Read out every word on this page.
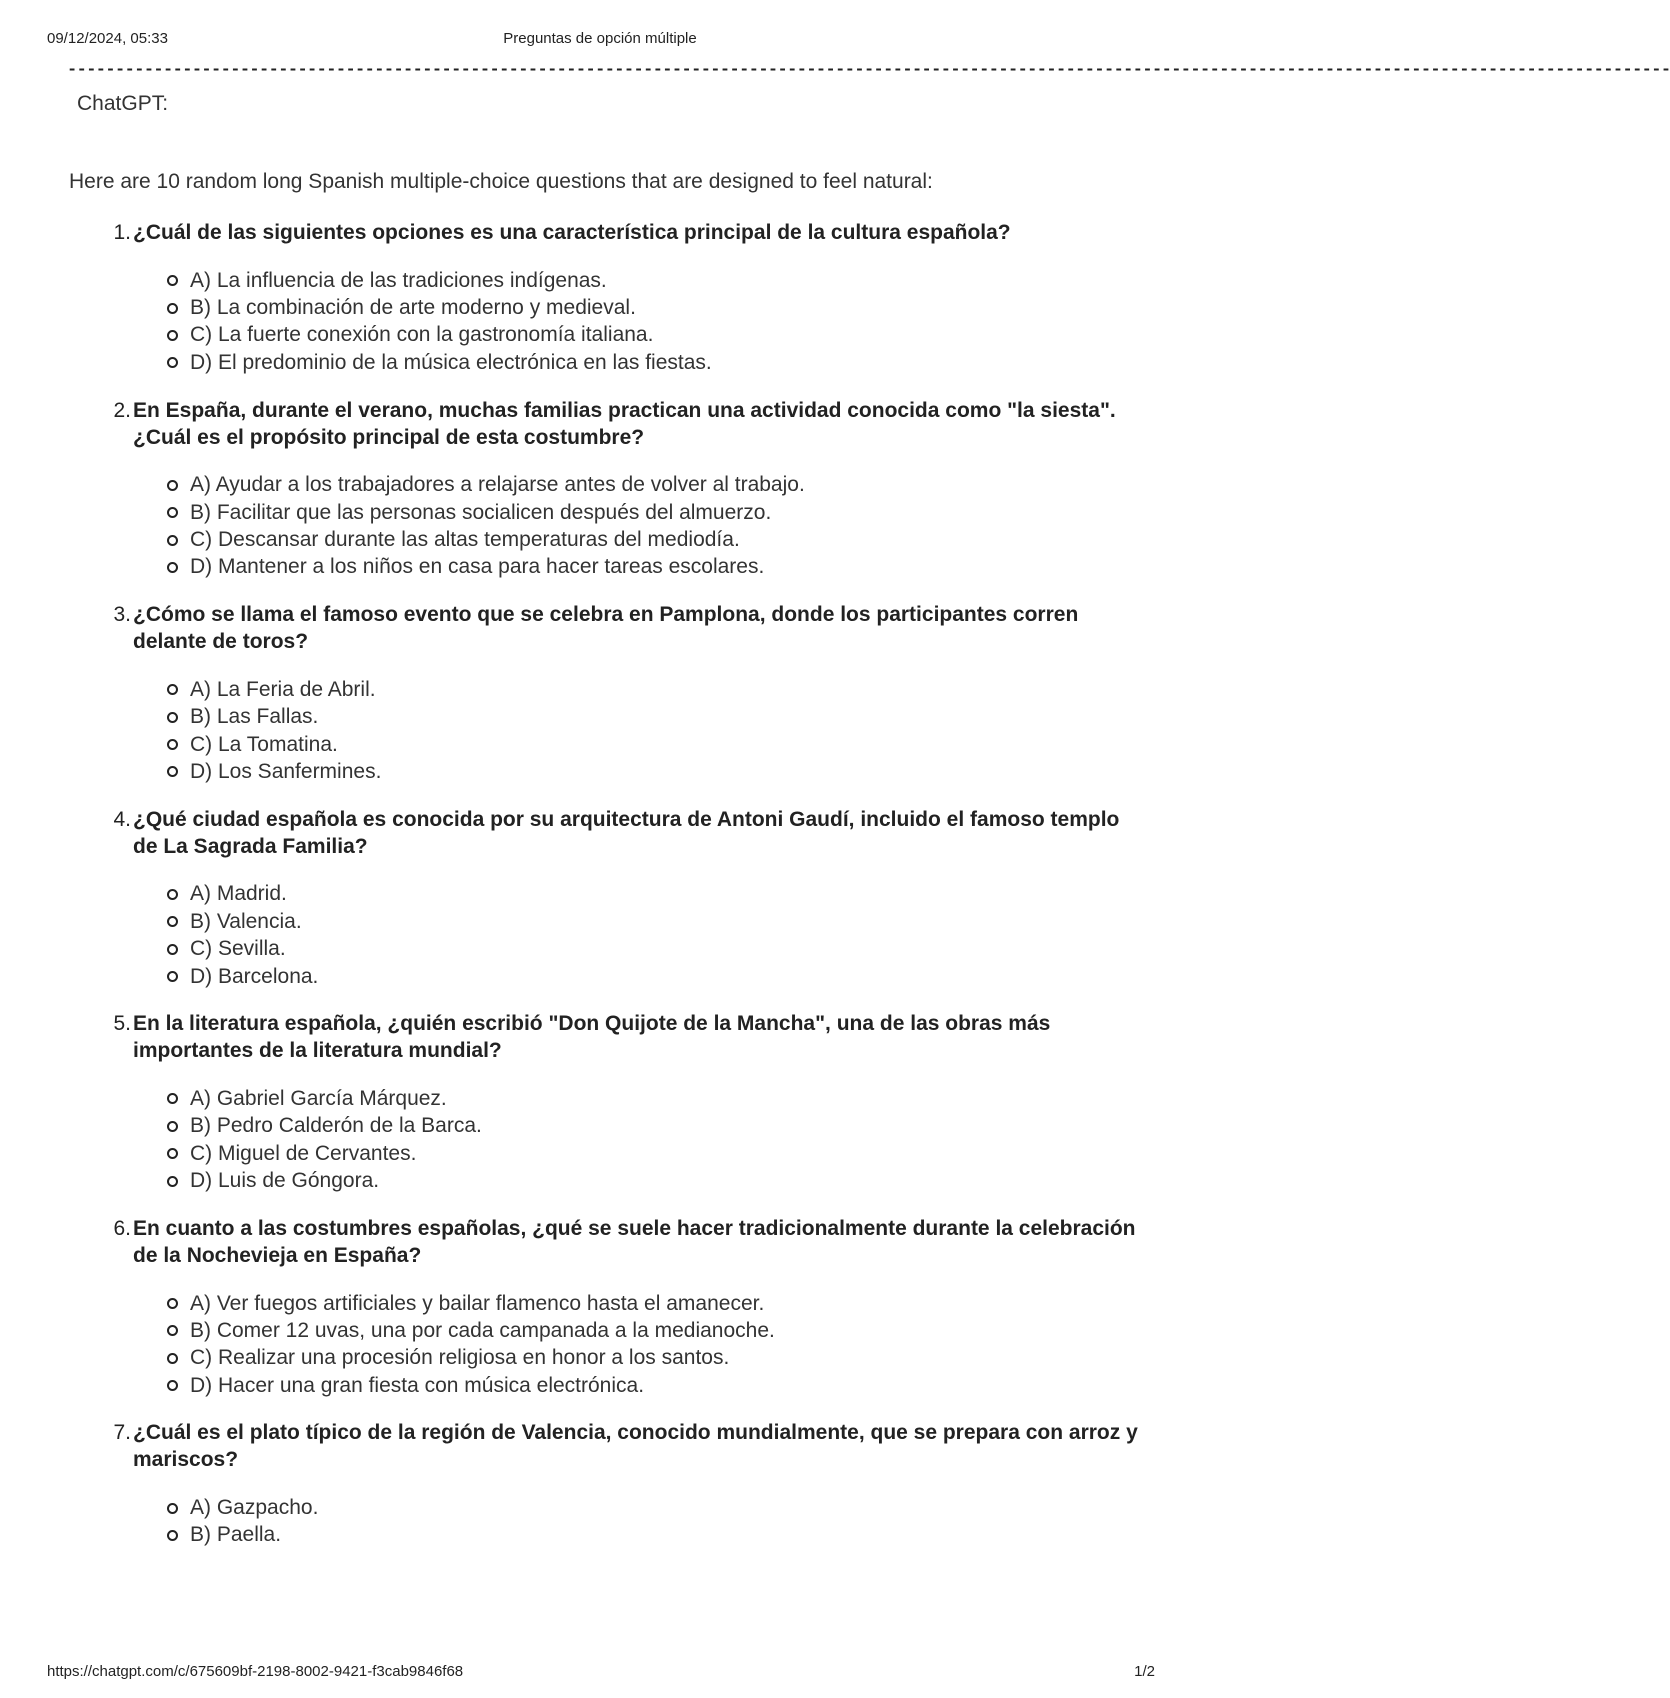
09/12/2024, 05:33	Preguntas de opción múltiple
-----------------------------------------------------------------------------------------------------------------------------------------------------------------------
ChatGPT:
Here are 10 random long Spanish multiple-choice questions that are designed to feel natural:
1. ¿Cuál de las siguientes opciones es una característica principal de la cultura española?
A) La influencia de las tradiciones indígenas.
B) La combinación de arte moderno y medieval.
C) La fuerte conexión con la gastronomía italiana.
D) El predominio de la música electrónica en las fiestas.
2. En España, durante el verano, muchas familias practican una actividad conocida como "la siesta". ¿Cuál es el propósito principal de esta costumbre?
A) Ayudar a los trabajadores a relajarse antes de volver al trabajo.
B) Facilitar que las personas socialicen después del almuerzo.
C) Descansar durante las altas temperaturas del mediodía.
D) Mantener a los niños en casa para hacer tareas escolares.
3. ¿Cómo se llama el famoso evento que se celebra en Pamplona, donde los participantes corren delante de toros?
A) La Feria de Abril.
B) Las Fallas.
C) La Tomatina.
D) Los Sanfermines.
4. ¿Qué ciudad española es conocida por su arquitectura de Antoni Gaudí, incluido el famoso templo de La Sagrada Familia?
A) Madrid.
B) Valencia.
C) Sevilla.
D) Barcelona.
5. En la literatura española, ¿quién escribió "Don Quijote de la Mancha", una de las obras más importantes de la literatura mundial?
A) Gabriel García Márquez.
B) Pedro Calderón de la Barca.
C) Miguel de Cervantes.
D) Luis de Góngora.
6. En cuanto a las costumbres españolas, ¿qué se suele hacer tradicionalmente durante la celebración de la Nochevieja en España?
A) Ver fuegos artificiales y bailar flamenco hasta el amanecer.
B) Comer 12 uvas, una por cada campanada a la medianoche.
C) Realizar una procesión religiosa en honor a los santos.
D) Hacer una gran fiesta con música electrónica.
7. ¿Cuál es el plato típico de la región de Valencia, conocido mundialmente, que se prepara con arroz y mariscos?
A) Gazpacho.
B) Paella.
https://chatgpt.com/c/675609bf-2198-8002-9421-f3cab9846f68	1/2
